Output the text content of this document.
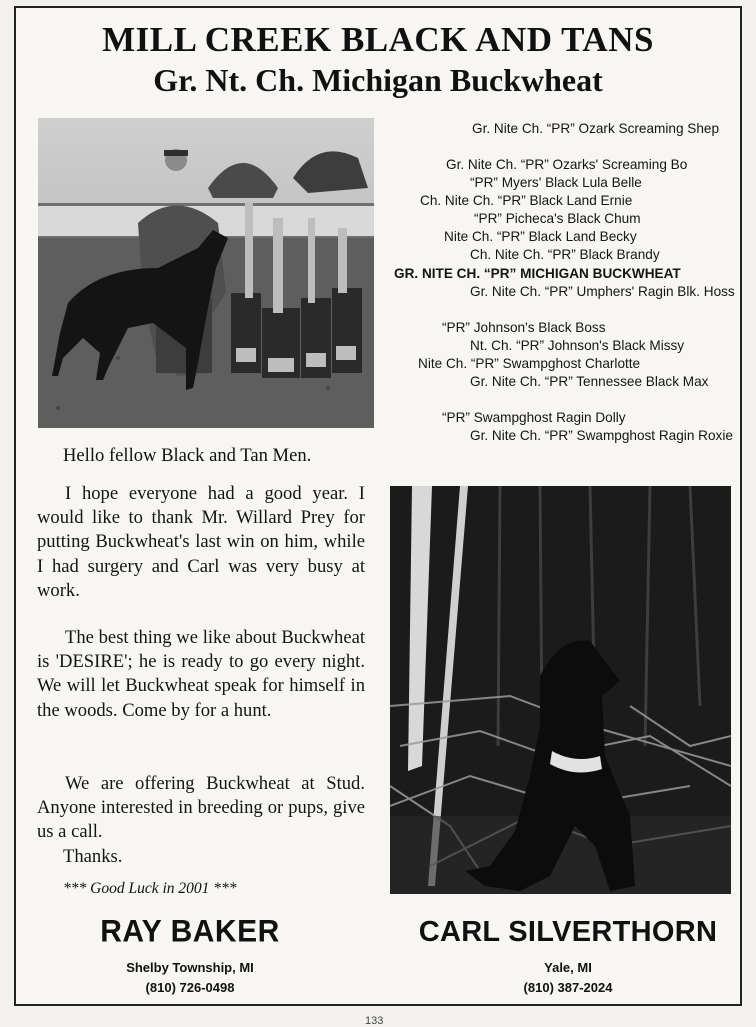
MILL CREEK BLACK AND TANS
Gr. Nt. Ch. Michigan Buckwheat
Gr. Nite Ch. “PR” Ozark Screaming Shep
Gr. Nite Ch. “PR” Ozarks' Screaming Bo
“PR” Myers' Black Lula Belle
Ch. Nite Ch. “PR” Black Land Ernie
“PR” Picheca's Black Chum
Nite Ch. “PR” Black Land Becky
Ch. Nite Ch. “PR” Black Brandy
GR. NITE CH. “PR” MICHIGAN BUCKWHEAT
Gr. Nite Ch. “PR” Umphers' Ragin Blk. Hoss
“PR” Johnson's Black Boss
Nt. Ch. “PR” Johnson's Black Missy
Nite Ch. “PR” Swampghost Charlotte
Gr. Nite Ch. “PR” Tennessee Black Max
“PR” Swampghost Ragin Dolly
Gr. Nite Ch. “PR” Swampghost Ragin Roxie
Hello fellow Black and Tan Men.
I hope everyone had a good year. I would like to thank Mr. Willard Prey for putting Buckwheat's last win on him, while I had surgery and Carl was very busy at work.
The best thing we like about Buckwheat is 'DESIRE'; he is ready to go every night. We will let Buckwheat speak for himself in the woods. Come by for a hunt.
We are offering Buckwheat at Stud. Anyone interested in breeding or pups, give us a call.
Thanks.
*** Good Luck in 2001 ***
RAY BAKER
Shelby Township, MI
(810) 726-0498
CARL SILVERTHORN
Yale, MI
(810) 387-2024
133
